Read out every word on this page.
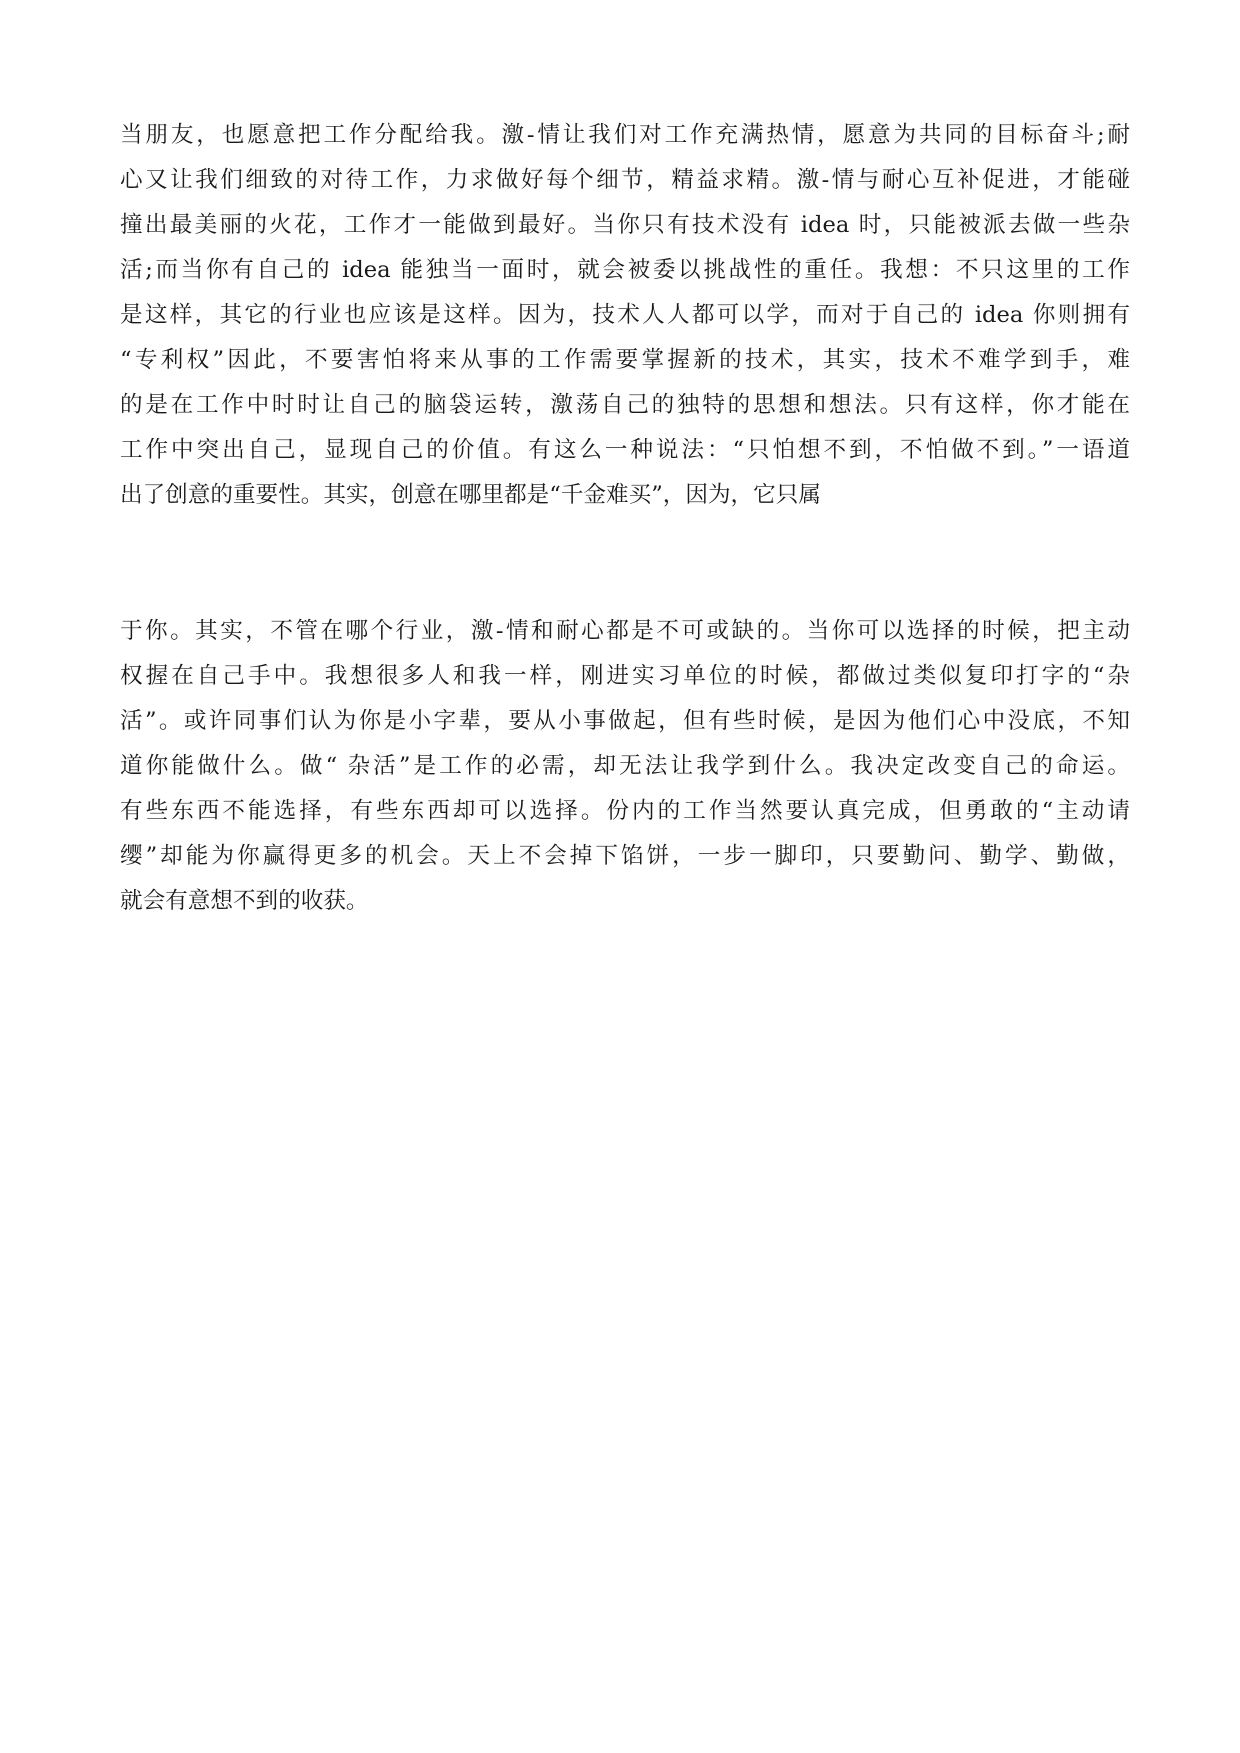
当朋友，也愿意把工作分配给我。激-情让我们对工作充满热情，愿意为共同的目标奋斗;耐
心又让我们细致的对待工作，力求做好每个细节，精益求精。激-情与耐心互补促进，才能碰
撞出最美丽的火花，工作才一能做到最好。当你只有技术没有 idea 时，只能被派去做一些杂
活;而当你有自己的 idea 能独当一面时，就会被委以挑战性的重任。我想：不只这里的工作
是这样，其它的行业也应该是这样。因为，技术人人都可以学，而对于自己的 idea 你则拥有
“专利权”因此，不要害怕将来从事的工作需要掌握新的技术，其实，技术不难学到手，难
的是在工作中时时让自己的脑袋运转，激荡自己的独特的思想和想法。只有这样，你才能在
工作中突出自己，显现自己的价值。有这么一种说法：“只怕想不到，不怕做不到。”一语道
出了创意的重要性。其实，创意在哪里都是“千金难买”，因为，它只属
于你。其实，不管在哪个行业，激-情和耐心都是不可或缺的。当你可以选择的时候，把主动
权握在自己手中。我想很多人和我一样，刚进实习单位的时候，都做过类似复印打字的“杂
活”。或许同事们认为你是小字辈，要从小事做起，但有些时候，是因为他们心中没底，不知
道你能做什么。做“ 杂活”是工作的必需，却无法让我学到什么。我决定改变自己的命运。
有些东西不能选择，有些东西却可以选择。份内的工作当然要认真完成，但勇敢的“主动请
缨”却能为你赢得更多的机会。天上不会掉下馅饼，一步一脚印，只要勤问、勤学、勤做，
就会有意想不到的收获。
